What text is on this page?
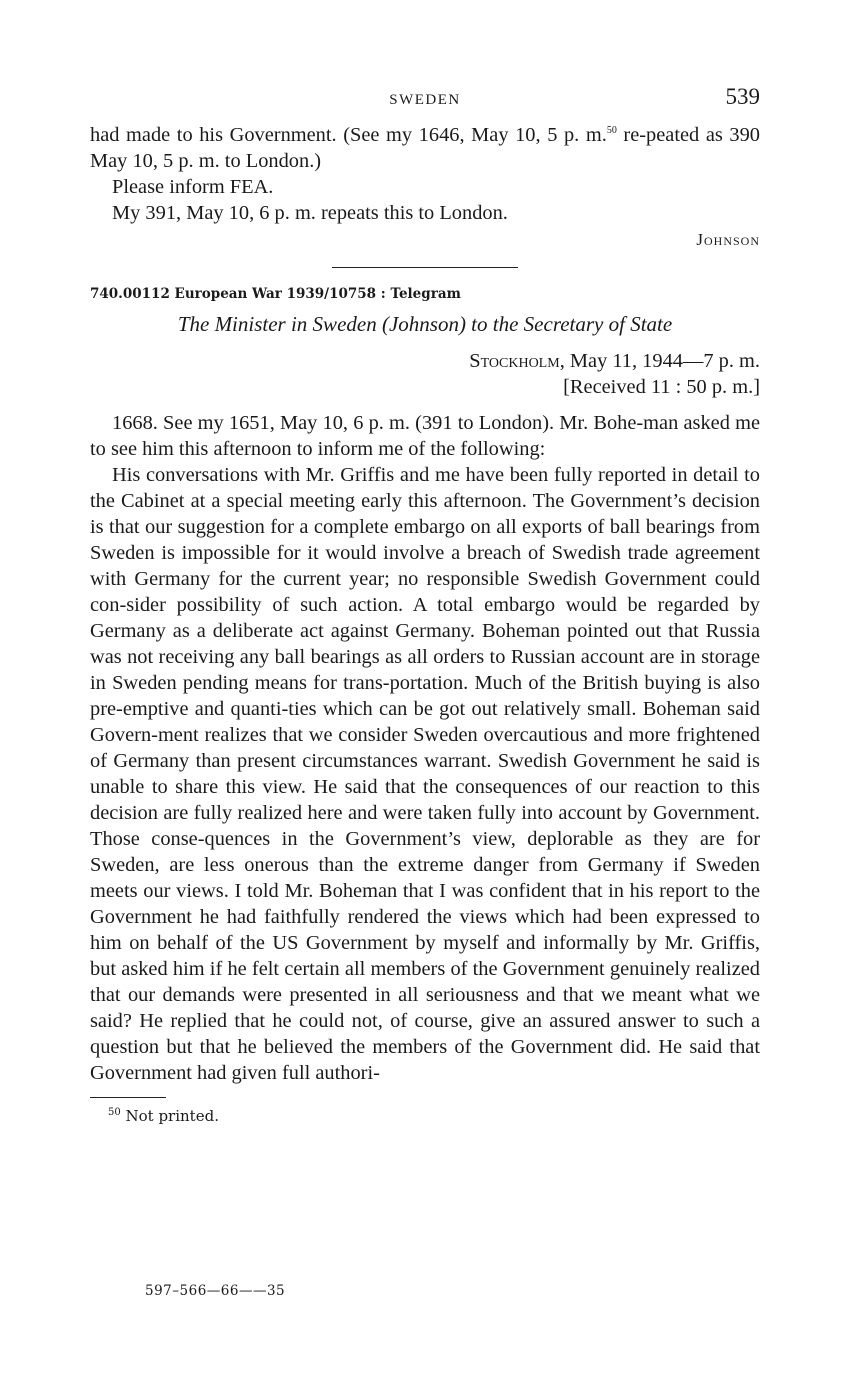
SWEDEN	539

had made to his Government. (See my 1646, May 10, 5 p. m.$^{50}$ re-peated as 390 May 10, 5 p. m. to London.)

Please inform FEA.

My 391, May 10, 6 p. m. repeats this to London.

Johnson
740.00112 European War 1939/10758 : Telegram
The Minister in Sweden (Johnson) to the Secretary of State
Stockholm, May 11, 1944—7 p. m.
[Received 11 : 50 p. m.]

1668. See my 1651, May 10, 6 p. m. (391 to London). Mr. Bohe-man asked me to see him this afternoon to inform me of the following:

His conversations with Mr. Griffis and me have been fully reported in detail to the Cabinet at a special meeting early this afternoon. The Government’s decision is that our suggestion for a complete embargo on all exports of ball bearings from Sweden is impossible for it would involve a breach of Swedish trade agreement with Germany for the current year; no responsible Swedish Government could con-sider possibility of such action. A total embargo would be regarded by Germany as a deliberate act against Germany. Boheman pointed out that Russia was not receiving any ball bearings as all orders to Russian account are in storage in Sweden pending means for trans-portation. Much of the British buying is also pre-emptive and quanti-ties which can be got out relatively small. Boheman said Govern-ment realizes that we consider Sweden overcautious and more frightened of Germany than present circumstances warrant. Swedish Government he said is unable to share this view. He said that the consequences of our reaction to this decision are fully realized here and were taken fully into account by Government. Those conse-quences in the Government’s view, deplorable as they are for Sweden, are less onerous than the extreme danger from Germany if Sweden meets our views. I told Mr. Boheman that I was confident that in his report to the Government he had faithfully rendered the views which had been expressed to him on behalf of the US Government by myself and informally by Mr. Griffis, but asked him if he felt certain all members of the Government genuinely realized that our demands were presented in all seriousness and that we meant what we said? He replied that he could not, of course, give an assured answer to such a question but that he believed the members of the Government did. He said that Government had given full authori-

$^{50}$ Not printed.
597–566—66——35
